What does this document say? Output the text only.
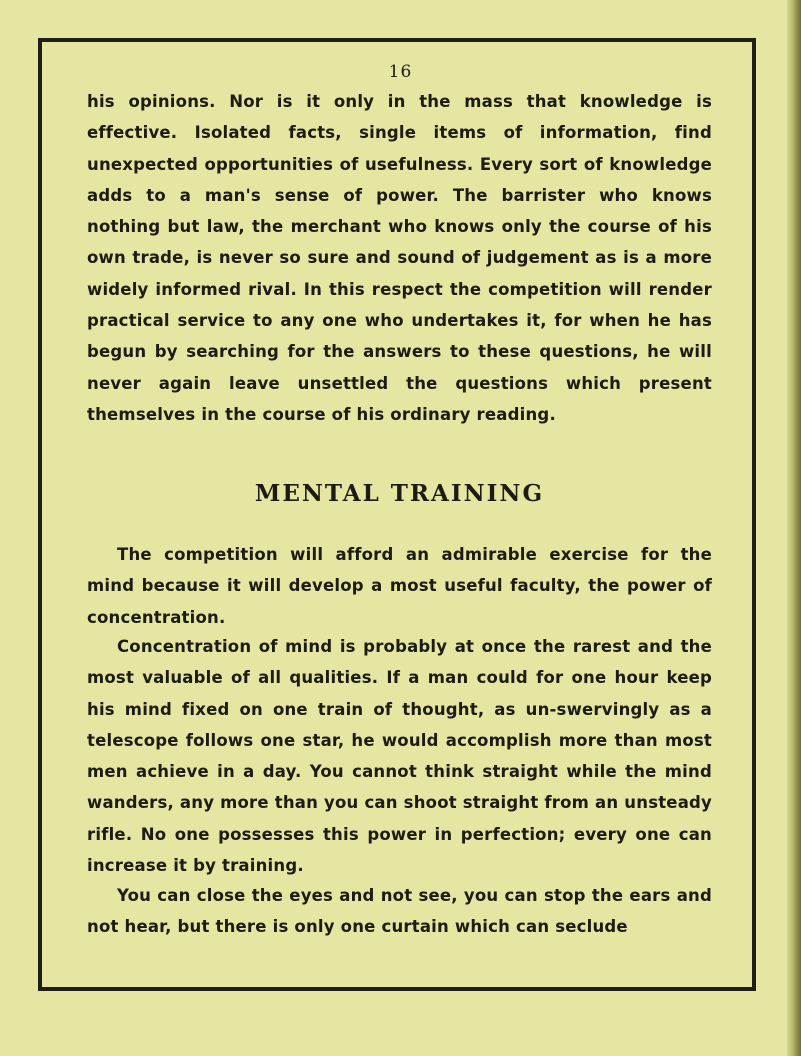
16

his opinions. Nor is it only in the mass that knowledge is effective. Isolated facts, single items of information, find unexpected opportunities of usefulness. Every sort of knowledge adds to a man's sense of power. The barrister who knows nothing but law, the merchant who knows only the course of his own trade, is never so sure and sound of judgement as is a more widely informed rival. In this respect the competition will render practical service to any one who undertakes it, for when he has begun by searching for the answers to these questions, he will never again leave unsettled the questions which present themselves in the course of his ordinary reading.

MENTAL TRAINING

The competition will afford an admirable exercise for the mind because it will develop a most useful faculty, the power of concentration.

Concentration of mind is probably at once the rarest and the most valuable of all qualities. If a man could for one hour keep his mind fixed on one train of thought, as un-swervingly as a telescope follows one star, he would accomplish more than most men achieve in a day. You cannot think straight while the mind wanders, any more than you can shoot straight from an unsteady rifle. No one possesses this power in perfection; every one can increase it by training.

You can close the eyes and not see, you can stop the ears and not hear, but there is only one curtain which can seclude
